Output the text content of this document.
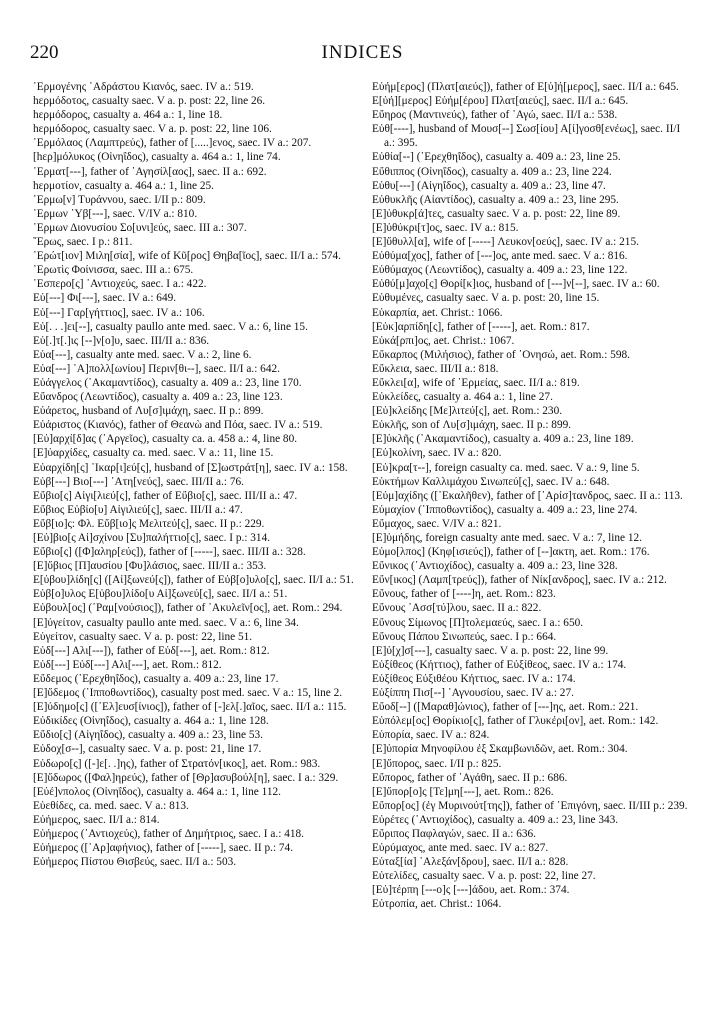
220	INDICES
῾Ερμογένης ᾿Αδράστου Κιανός, saec. IV a.: 519.
hερμόδοτος, casualty saec. V a. p. post: 22, line 26.
hερμόδορος, casualty a. 464 a.: 1, line 18.
hερμόδορος, casualty saec. V a. p. post: 22, line 106.
῾Ερμόλαος (Λαμπτρεύς), father of [.....]ενος, saec. IV a.: 207.
[hερ]μόλυκος (Οἰνηΐδος), casualty a. 464 a.: 1, line 74.
῾Ερματ[---], father of ᾿Αγησίλ[αος], saec. II a.: 692.
hερμοτίον, casualty a. 464 a.: 1, line 25.
῾Ερμω[ν] Τυράννου, saec. I/II p.: 809.
῾Ερμων ῾Υβ[---], saec. V/IV a.: 810.
῾Ερμων Διονυσίου Σο[υνι]εύς, saec. III a.: 307.
῎Ερως, saec. I p.: 811.
᾿Ερώτ[ιον] Μιλη[σία], wife of Κῦ[ρος] Θηβα[ῖος], saec. II/I a.: 574.
᾿Ερωτὶς Φοίνισσα, saec. III a.: 675.
῾Εσπερο[ς] ᾿Αντιοχεύς, saec. I a.: 422.
Εὐ[---] Φι[---], saec. IV a.: 649.
Εὐ[---] Γαρ[γήττιος], saec. IV a.: 106.
Εὐ[. . .]ει[--], casualty paullo ante med. saec. V a.: 6, line 15.
Εὐ[.]τ[.]ις [--]ν[ο]υ, saec. III/II a.: 836.
Εὐα[---], casualty ante med. saec. V a.: 2, line 6.
Εὐα[---] ᾿Α]πολλ[ωνίου] Περιν[θι--], saec. II/I a.: 642.
Εὐάγγελος (᾿Ακαμαντίδος), casualty a. 409 a.: 23, line 170.
Εὔανδρος (Λεωντίδος), casualty a. 409 a.: 23, line 123.
Εὐάρετος, husband of Λυ[σ]ιμάχη, saec. II p.: 899.
Εὐάριστος (Κιανός), father of Θεανὼ and Πόα, saec. IV a.: 519.
[Εὐ]αρχί[δ]ας (᾿Αργεῖος), casualty ca. a. 458 a.: 4, line 80.
[Ε]ὐαρχίδες, casualty ca. med. saec. V a.: 11, line 15.
Εὐαρχίδη[ς] ᾿Ικαρ[ι]εύ[ς], husband of [Σ]ωστράτ[η], saec. IV a.: 158.
Εὐβ[---] Βιο[---] ᾿Ατη[νεύς], saec. III/II a.: 76.
Εὔβιο[ς] Αἰγι[λιεύ[ς], father of Εὔβιο[ς], saec. III/II a.: 47.
Εὔβιος Εὐβίο[υ] Αἰγιλιεύ[ς], saec. III/II a.: 47.
Εὔβ[ιο]ς: Φλ. Εὔβ[ιο]ς Μελιτεύ[ς], saec. II p.: 229.
[Εὐ]βιο[ς Αἰ]σχίνου [Συ]παλήττιο[ς], saec. I p.: 314.
Εὔβιο[ς] ([Φ]αληρ[εύς]), father of [-----], saec. III/II a.: 328.
[Ε]ὔβιος [Π]αυσίου [Φυ]λάσιος, saec. III/II a.: 353.
Ε[ὐβου]λίδη[ς] ([Αἰ]ξωνεύ[ς]), father of Εὐβ[ο]υλο[ς], saec. II/I a.: 51.
Εὐβ[ο]υλος Ε[ὐβου]λίδο[υ Αἰ]ξωνεύ[ς], saec. II/I a.: 51.
Εὐβουλ[ος] (῾Ραμ[νούσιος]), father of ᾿Ακυλεῖν[ος], aet. Rom.: 294.
[Ε]ὐγείτον, casualty paullo ante med. saec. V a.: 6, line 34.
Εὐγείτον, casualty saec. V a. p. post: 22, line 51.
Εὐδ[---] Αλι[---]), father of Εὐδ[---], aet. Rom.: 812.
Εὐδ[---] Εὐδ[---] Αλι[---], aet. Rom.: 812.
Εὔδεμος (᾿Ερεχθηΐδος), casualty a. 409 a.: 23, line 17.
[Ε]ὔδεμος (῾Ιπποθωντίδος), casualty post med. saec. V a.: 15, line 2.
[Ε]ὐδημο[ς] ([᾿Ελ]ευσ[ίνιος]), father of [-]ελ[.]αῖος, saec. II/I a.: 115.
Εὐδικίδες (Οἰνηΐδος), casualty a. 464 a.: 1, line 128.
Εὔδιο[ς] (Αἰγηΐδος), casualty a. 409 a.: 23, line 53.
Εὐδοχ[σ--], casualty saec. V a. p. post: 21, line 17.
Εὐδωρο[ς] ([-]ε[. .]ης), father of Στρατόν[ικος], aet. Rom.: 983.
[Ε]ὔδωρος ([Φαλ]ηρεύς), father of [Θρ]ασυβούλ[η], saec. I a.: 329.
[Εὐέ]νπολος (Οἰνηΐδος), casualty a. 464 a.: 1, line 112.
Εὐεθίδες, ca. med. saec. V a.: 813.
Εὐήμερος, saec. II/I a.: 814.
Εὐήμερος (᾿Αντιοχεύς), father of Δημήτριος, saec. I a.: 418.
Εὐήμερος ([᾿Αρ]αφήνιος), father of [-----], saec. II p.: 74.
Εὐήμερος Πίστου Θισβεύς, saec. II/I a.: 503.
Εὐήμ[ερος] (Πλατ[αιεύς]), father of Ε[ὐ]ή[μερος], saec. II/I a.: 645.
Ε[ὐή][μερος] Εὐήμ[έρου] Πλατ[αιεύς], saec. II/I a.: 645.
Εὔηρος (Μαντινεύς), father of ᾿Αγώ, saec. II/I a.: 538.
Εὐθ[----], husband of Μουσ[--] Σωσ[ίου] Α[ἰ]γοσθ[ενέως], saec. II/I a.: 395.
Εὐθία[--] (᾿Ερεχθηΐδος), casualty a. 409 a.: 23, line 25.
Εὔθιππος (Οἰνηΐδος), casualty a. 409 a.: 23, line 224.
Εὐθυ[---] (Αἰγηΐδος), casualty a. 409 a.: 23, line 47.
Εὐθυκλῆς (Αἰαντίδος), casualty a. 409 a.: 23, line 295.
[Ε]ὐθυκρ[ά]τες, casualty saec. V a. p. post: 22, line 89.
[Ε]ὐθύκρι[τ]ος, saec. IV a.: 815.
[Ε]ὔθυλλ[α], wife of [-----] Λευκον[οεύς], saec. IV a.: 215.
Εὐθύμα[χος], father of [---]ος, ante med. saec. V a.: 816.
Εὐθύμαχος (Λεωντίδος), casualty a. 409 a.: 23, line 122.
Εὐθύ[μ]αχο[ς] Θορί[κ]ιος, husband of [---]ν[--], saec. IV a.: 60.
Εὐθυμένες, casualty saec. V a. p. post: 20, line 15.
Εὐκαρπία, aet. Christ.: 1066.
[Εὐκ]αρπίδη[ς], father of [-----], aet. Rom.: 817.
Εὐκά[ρπι]ος, aet. Christ.: 1067.
Εὔκαρπος (Μιλήσιος), father of ᾿Ονησώ, aet. Rom.: 598.
Εὔκλεια, saec. III/II a.: 818.
Εὔκλει[α], wife of ῾Ερμείας, saec. II/I a.: 819.
Εὐκλείδες, casualty a. 464 a.: 1, line 27.
[Εὐ]κλείδης [Με]λιτεύ[ς], aet. Rom.: 230.
Εὐκλῆς, son of Λυ[σ]ιμάχη, saec. II p.: 899.
[Ε]ὐκλῆς (᾿Ακαμαντίδος), casualty a. 409 a.: 23, line 189.
[Εὐ]κολίνη, saec. IV a.: 820.
[Εὐ]κρα[τ--], foreign casualty ca. med. saec. V a.: 9, line 5.
Εὐκτήμων Καλλιμάχου Σινωπεύ[ς], saec. IV a.: 648.
[Εὐμ]αχίδης ([᾿Εκαλῆθεν), father of [᾿Αρίσ]τανδρος, saec. II a.: 113.
Εὐμαχίον (῾Ιπποθωντίδος), casualty a. 409 a.: 23, line 274.
Εὔμαχος, saec. V/IV a.: 821.
[Ε]ὐμήδης, foreign casualty ante med. saec. V a.: 7, line 12.
Εὐμο[λπος] (Κηφ[ισιεύς]), father of [--]ακτη, aet. Rom.: 176.
Εὔνικος (᾿Αντιοχίδος), casualty a. 409 a.: 23, line 328.
Εὔν[ικος] (Λαμπ[τρεύς]), father of Νίκ[ανδρος], saec. IV a.: 212.
Εὔνους, father of [----]η, aet. Rom.: 823.
Εὔνους ᾿Ασσ[τύ]λου, saec. II a.: 822.
Εὔνους Σίμωνος [Π]τολεμαεύς, saec. I a.: 650.
Εὔνους Πάπου Σινωπεύς, saec. I p.: 664.
[Ε]ὐ[χ]σ[---], casualty saec. V a. p. post: 22, line 99.
Εὐξίθεος (Κήττιος), father of Εὐξίθεος, saec. IV a.: 174.
Εὐξίθεος Εὐξιθέου Κήττιος, saec. IV a.: 174.
Εὐξίππη Πισ[--] ᾿Αγνουσίου, saec. IV a.: 27.
Εὔοδ[--] ([Μαραθ]ώνιος), father of [---]ης, aet. Rom.: 221.
Εὐπόλεμ[ος] Θορίκιο[ς], father of Γλυκέρι[ον], aet. Rom.: 142.
Εὐπορία, saec. IV a.: 824.
[Ε]ὐπορία Μηνοφίλου ἐξ Σκαμβωνιδῶν, aet. Rom.: 304.
[Ε]ὔπορος, saec. I/II p.: 825.
Εὔπορος, father of ᾿Αγάθη, saec. II p.: 686.
[Ε]ὔπορ[ο]ς [Τε]μη[---], aet. Rom.: 826.
Εὔπορ[ος] (ἐγ Μυρινούτ[της]), father of ᾿Επιγόνη, saec. II/III p.: 239.
Εὐρέτες (᾿Αντιοχίδος), casualty a. 409 a.: 23, line 343.
Εὔριπος Παφλαγών, saec. II a.: 636.
Εὐρύμαχος, ante med. saec. IV a.: 827.
Εὐταξ[ία] ᾿Αλεξάν[δρου], saec. II/I a.: 828.
Εὐτελίδες, casualty saec. V a. p. post: 22, line 27.
[Εὐ]τέρπη [---ο]ς [---]άδου, aet. Rom.: 374.
Εὐτροπία, aet. Christ.: 1064.
